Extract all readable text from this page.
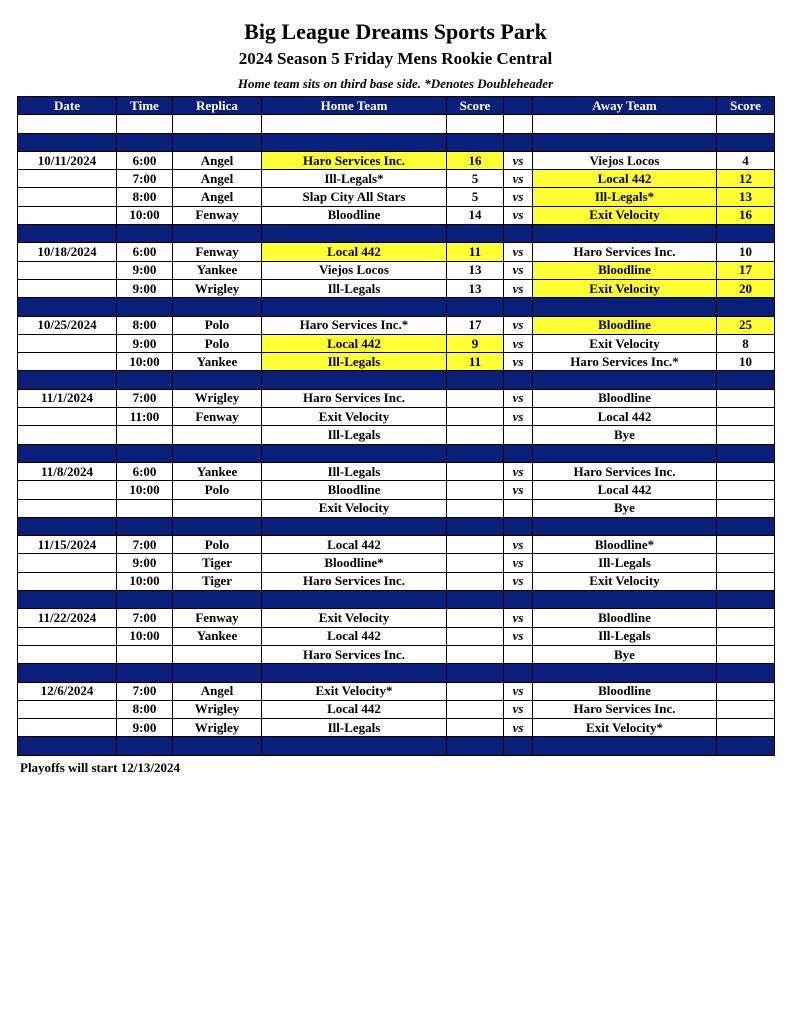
Big League Dreams Sports Park
2024 Season 5 Friday Mens Rookie Central
Home team sits on third base side. *Denotes Doubleheader
Date	Time	Replica	Home Team	Score		Away Team	Score

10/11/2024	6:00	Angel	Haro Services Inc.	16	vs	Viejos Locos	4
	7:00	Angel	Ill-Legals*	5	vs	Local 442	12
	8:00	Angel	Slap City All Stars	5	vs	Ill-Legals*	13
	10:00	Fenway	Bloodline	14	vs	Exit Velocity	16

10/18/2024	6:00	Fenway	Local 442	11	vs	Haro Services Inc.	10
	9:00	Yankee	Viejos Locos	13	vs	Bloodline	17
	9:00	Wrigley	Ill-Legals	13	vs	Exit Velocity	20

10/25/2024	8:00	Polo	Haro Services Inc.*	17	vs	Bloodline	25
	9:00	Polo	Local 442	9	vs	Exit Velocity	8
	10:00	Yankee	Ill-Legals	11	vs	Haro Services Inc.*	10

11/1/2024	7:00	Wrigley	Haro Services Inc.		vs	Bloodline	
	11:00	Fenway	Exit Velocity		vs	Local 442	
			Ill-Legals			Bye	

11/8/2024	6:00	Yankee	Ill-Legals		vs	Haro Services Inc.	
	10:00	Polo	Bloodline		vs	Local 442	
			Exit Velocity			Bye	

11/15/2024	7:00	Polo	Local 442		vs	Bloodline*	
	9:00	Tiger	Bloodline*		vs	Ill-Legals	
	10:00	Tiger	Haro Services Inc.		vs	Exit Velocity	

11/22/2024	7:00	Fenway	Exit Velocity		vs	Bloodline	
	10:00	Yankee	Local 442		vs	Ill-Legals	
			Haro Services Inc.			Bye	

12/6/2024	7:00	Angel	Exit Velocity*		vs	Bloodline	
	8:00	Wrigley	Local 442		vs	Haro Services Inc.	
	9:00	Wrigley	Ill-Legals		vs	Exit Velocity*	

Playoffs will start 12/13/2024
